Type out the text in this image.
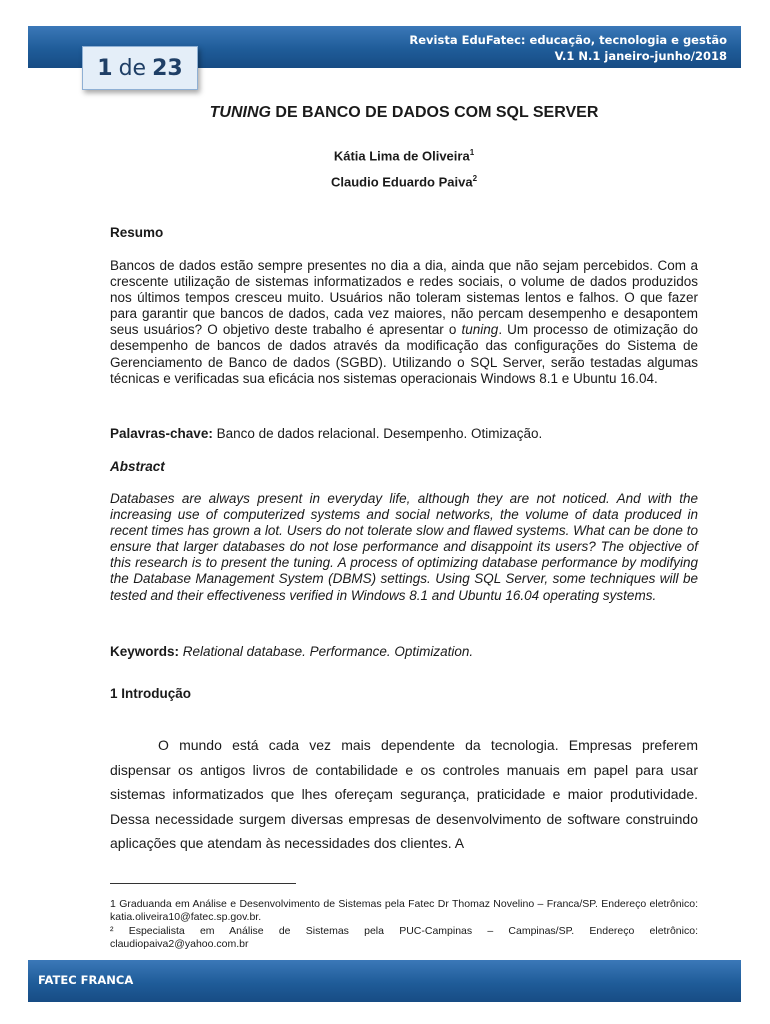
Revista EduFatec: educação, tecnologia e gestão
V.1 N.1 janeiro-junho/2018
1 de 23
TUNING DE BANCO DE DADOS COM SQL SERVER
Kátia Lima de Oliveira$^1$
Claudio Eduardo Paiva$^2$
Resumo
Bancos de dados estão sempre presentes no dia a dia, ainda que não sejam percebidos. Com a crescente utilização de sistemas informatizados e redes sociais, o volume de dados produzidos nos últimos tempos cresceu muito. Usuários não toleram sistemas lentos e falhos. O que fazer para garantir que bancos de dados, cada vez maiores, não percam desempenho e desapontem seus usuários? O objetivo deste trabalho é apresentar o tuning. Um processo de otimização do desempenho de bancos de dados através da modificação das configurações do Sistema de Gerenciamento de Banco de dados (SGBD). Utilizando o SQL Server, serão testadas algumas técnicas e verificadas sua eficácia nos sistemas operacionais Windows 8.1 e Ubuntu 16.04.
Palavras-chave: Banco de dados relacional. Desempenho. Otimização.
Abstract
Databases are always present in everyday life, although they are not noticed. And with the increasing use of computerized systems and social networks, the volume of data produced in recent times has grown a lot. Users do not tolerate slow and flawed systems. What can be done to ensure that larger databases do not lose performance and disappoint its users? The objective of this research is to present the tuning. A process of optimizing database performance by modifying the Database Management System (DBMS) settings. Using SQL Server, some techniques will be tested and their effectiveness verified in Windows 8.1 and Ubuntu 16.04 operating systems.
Keywords: Relational database. Performance. Optimization.
1 Introdução
O mundo está cada vez mais dependente da tecnologia. Empresas preferem dispensar os antigos livros de contabilidade e os controles manuais em papel para usar sistemas informatizados que lhes ofereçam segurança, praticidade e maior produtividade. Dessa necessidade surgem diversas empresas de desenvolvimento de software construindo aplicações que atendam às necessidades dos clientes. A
1 Graduanda em Análise e Desenvolvimento de Sistemas pela Fatec Dr Thomaz Novelino – Franca/SP. Endereço eletrônico: katia.oliveira10@fatec.sp.gov.br.
² Especialista em Análise de Sistemas pela PUC-Campinas – Campinas/SP. Endereço eletrônico: claudiopaiva2@yahoo.com.br
FATEC FRANCA
